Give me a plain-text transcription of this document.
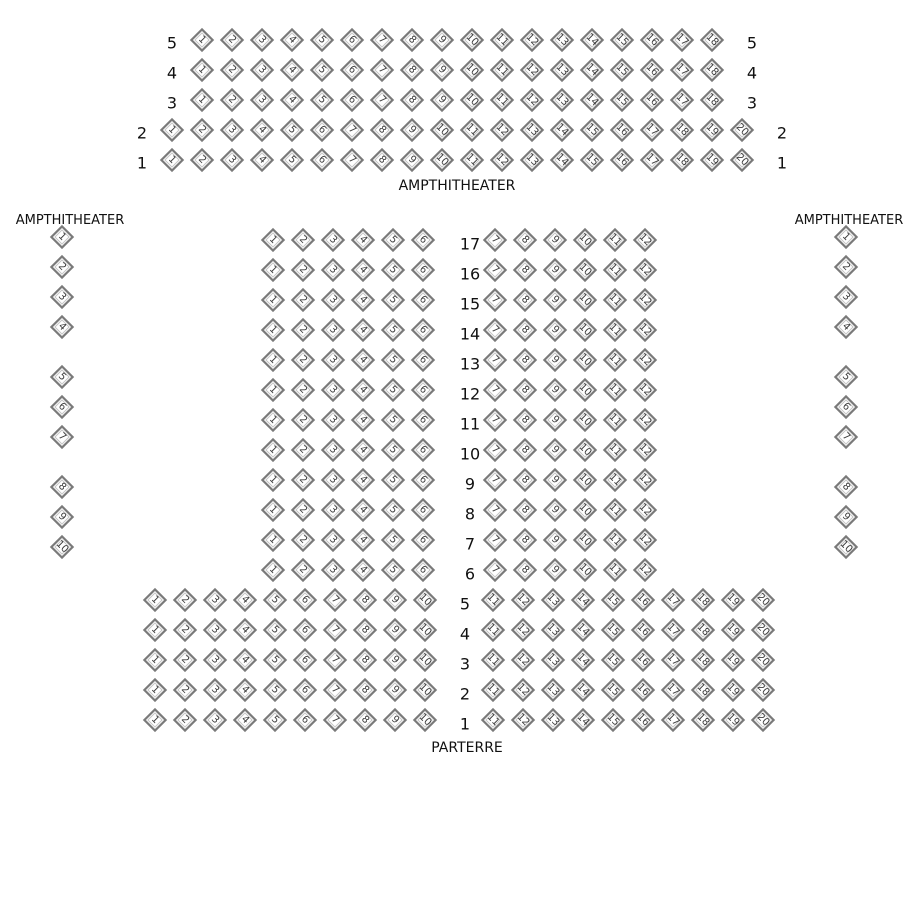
1 2 3 4 5 6 7 8 9 10 11 12 13 14 15 16 17 18
1 2 3 4 5 6 7 8 9 10 11 12 13 14 15 16 17 18
1 2 3 4 5 6 7 8 9 10 11 12 13 14 15 16 17 18
1 2 3 4 5 6 7 8 9 10 11 12 13 14 15 16 17 18 19 20
1 2 3 4 5 6 7 8 9 10 11 12 13 14 15 16 17 18 19 20
1
2
3
4
5
6
7
8
9
10
1
2
3
4
5
6
7
8
9
10
1 2 3 4 5 6	7 8 9 10 11 12
1 2 3 4 5 6	7 8 9 10 11 12
1 2 3 4 5 6	7 8 9 10 11 12
1 2 3 4 5 6	7 8 9 10 11 12
1 2 3 4 5 6	7 8 9 10 11 12
1 2 3 4 5 6	7 8 9 10 11 12
1 2 3 4 5 6	7 8 9 10 11 12
1 2 3 4 5 6	7 8 9 10 11 12
1 2 3 4 5 6	7 8 9 10 11 12
1 2 3 4 5 6	7 8 9 10 11 12
1 2 3 4 5 6	7 8 9 10 11 12
1 2 3 4 5 6	7 8 9 10 11 12
1 2 3 4 5 6 7 8 9 10	11 12 13 14 15 16 17 18 19 20
1 2 3 4 5 6 7 8 9 10	11 12 13 14 15 16 17 18 19 20
1 2 3 4 5 6 7 8 9 10	11 12 13 14 15 16 17 18 19 20
1 2 3 4 5 6 7 8 9 10	11 12 13 14 15 16 17 18 19 20
1 2 3 4 5 6 7 8 9 10	11 12 13 14 15 16 17 18 19 20
5	5
4	4
3	3
2	2
1	1
17
16
15
14
13
12
11
10
9
8
7
6
5
4
3
2
1
AMPTHITHEATER
AMPTHITHEATER	AMPTHITHEATER
PARTERRE
